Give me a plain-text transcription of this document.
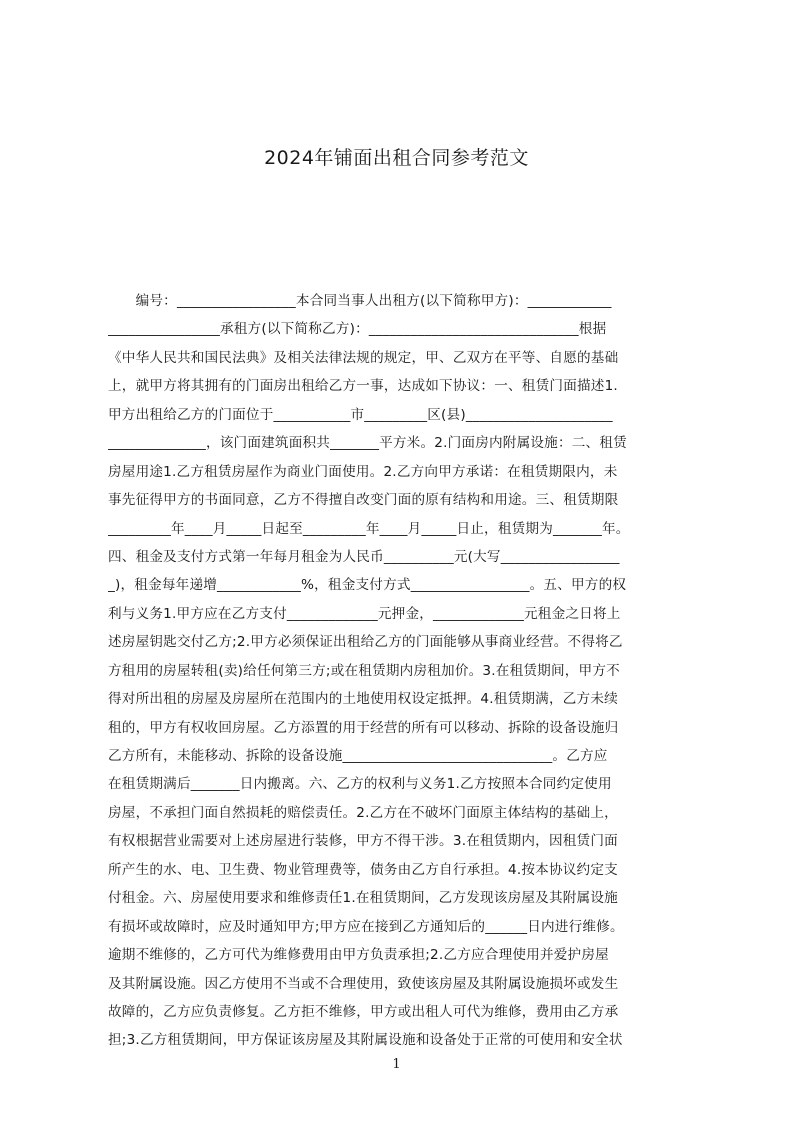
2024年铺面出租合同参考范文
　　编号：_________________本合同当事人出租方(以下简称甲方)：____________
________________承租方(以下简称乙方)：______________________________根据
《中华人民共和国民法典》及相关法律法规的规定，甲、乙双方在平等、自愿的基础
上，就甲方将其拥有的门面房出租给乙方一事，达成如下协议：一、租赁门面描述1.
甲方出租给乙方的门面位于___________市_________区(县)_____________________
______________，该门面建筑面积共_______平方米。2.门面房内附属设施：二、租赁
房屋用途1.乙方租赁房屋作为商业门面使用。2.乙方向甲方承诺：在租赁期限内，未
事先征得甲方的书面同意，乙方不得擅自改变门面的原有结构和用途。三、租赁期限
_________年____月_____日起至_________年____月_____日止，租赁期为_______年。
四、租金及支付方式第一年每月租金为人民币__________元(大写_________________
_)，租金每年递增____________%，租金支付方式_________________。五、甲方的权
利与义务1.甲方应在乙方支付_____________元押金，_____________元租金之日将上
述房屋钥匙交付乙方;2.甲方必须保证出租给乙方的门面能够从事商业经营。不得将乙
方租用的房屋转租(卖)给任何第三方;或在租赁期内房租加价。3.在租赁期间，甲方不
得对所出租的房屋及房屋所在范围内的土地使用权设定抵押。4.租赁期满，乙方未续
租的，甲方有权收回房屋。乙方添置的用于经营的所有可以移动、拆除的设备设施归
乙方所有，未能移动、拆除的设备设施______________________________。乙方应
在租赁期满后_______日内搬离。六、乙方的权利与义务1.乙方按照本合同约定使用
房屋，不承担门面自然损耗的赔偿责任。2.乙方在不破坏门面原主体结构的基础上，
有权根据营业需要对上述房屋进行装修，甲方不得干涉。3.在租赁期内，因租赁门面
所产生的水、电、卫生费、物业管理费等，债务由乙方自行承担。4.按本协议约定支
付租金。六、房屋使用要求和维修责任1.在租赁期间，乙方发现该房屋及其附属设施
有损坏或故障时，应及时通知甲方;甲方应在接到乙方通知后的______日内进行维修。
逾期不维修的，乙方可代为维修费用由甲方负责承担;2.乙方应合理使用并爱护房屋
及其附属设施。因乙方使用不当或不合理使用，致使该房屋及其附属设施损坏或发生
故障的，乙方应负责修复。乙方拒不维修，甲方或出租人可代为维修，费用由乙方承
担;3.乙方租赁期间，甲方保证该房屋及其附属设施和设备处于正常的可使用和安全状
1
